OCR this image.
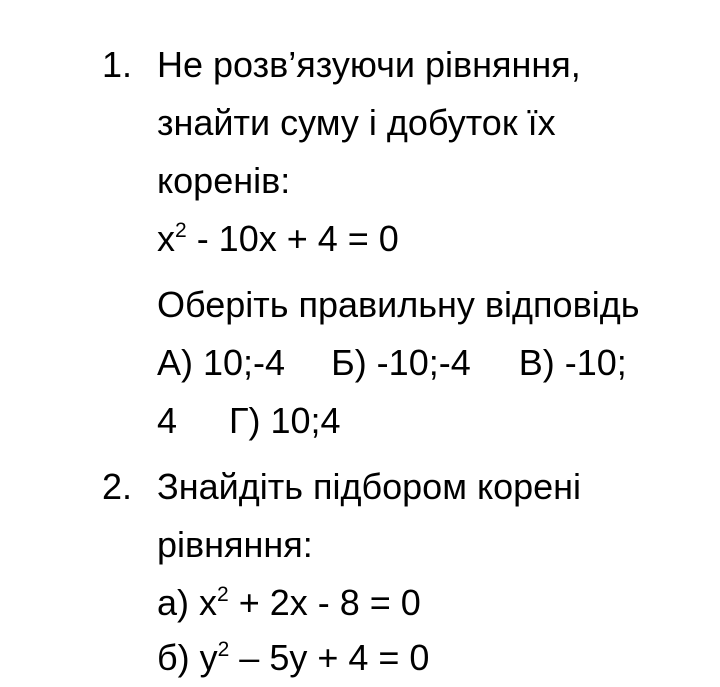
1. Не розв’язуючи рівняння,
знайти суму і добуток їх
коренів:
$x^2 - 10x + 4 = 0$
Оберіть правильну відповідь
А) 10;-4 Б) -10;-4 В) -10;
4 Г) 10;4
2. Знайдіть підбором корені
рівняння:
а) $x^2 + 2x - 8 = 0$
б) $y^2 - 5y + 4 = 0$
